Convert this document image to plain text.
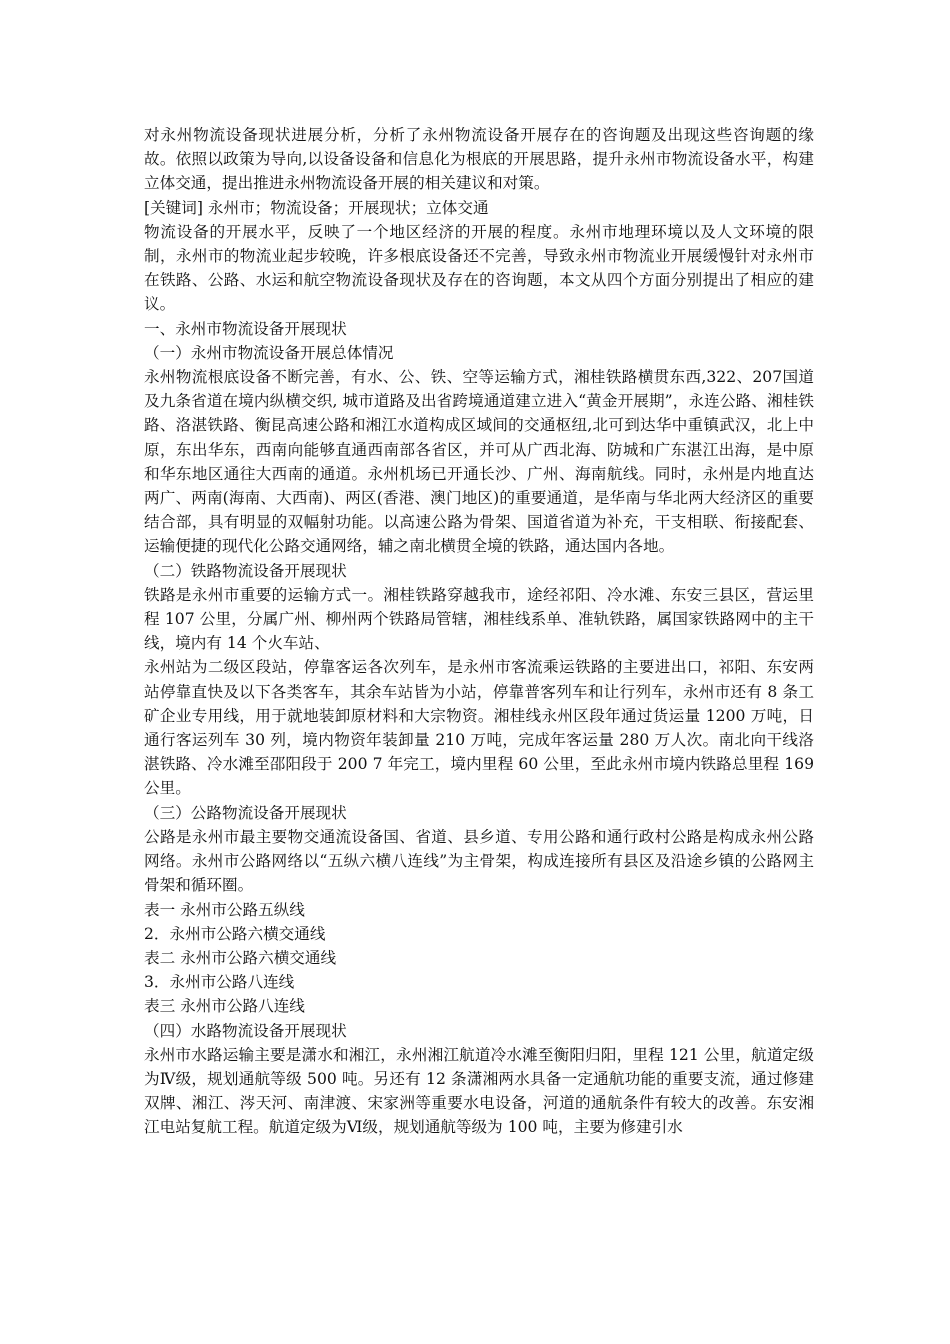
对永州物流设备现状进展分析，分析了永州物流设备开展存在的咨询题及出现这些咨询题的缘故。依照以政策为导向,以设备设备和信息化为根底的开展思路，提升永州市物流设备水平，构建立体交通，提出推进永州物流设备开展的相关建议和对策。

[关键词] 永州市；物流设备；开展现状；立体交通

物流设备的开展水平，反映了一个地区经济的开展的程度。永州市地理环境以及人文环境的限制，永州市的物流业起步较晚，许多根底设备还不完善，导致永州市物流业开展缓慢针对永州市在铁路、公路、水运和航空物流设备现状及存在的咨询题，本文从四个方面分别提出了相应的建议。

一、永州市物流设备开展现状

（一）永州市物流设备开展总体情况

永州物流根底设备不断完善，有水、公、铁、空等运输方式，湘桂铁路横贯东西,322、207国道及九条省道在境内纵横交织, 城市道路及出省跨境通道建立进入“黄金开展期”，永连公路、湘桂铁路、洛湛铁路、衡昆高速公路和湘江水道构成区域间的交通枢纽,北可到达华中重镇武汉，北上中原，东出华东，西南向能够直通西南部各省区，并可从广西北海、防城和广东湛江出海，是中原和华东地区通往大西南的通道。永州机场已开通长沙、广州、海南航线。同时，永州是内地直达两广、两南(海南、大西南)、两区(香港、澳门地区)的重要通道，是华南与华北两大经济区的重要结合部，具有明显的双幅射功能。以高速公路为骨架、国道省道为补充，干支相联、衔接配套、运输便捷的现代化公路交通网络，辅之南北横贯全境的铁路，通达国内各地。

（二）铁路物流设备开展现状

铁路是永州市重要的运输方式一。湘桂铁路穿越我市，途经祁阳、冷水滩、东安三县区，营运里程 107 公里，分属广州、柳州两个铁路局管辖，湘桂线系单、准轨铁路，属国家铁路网中的主干线，境内有 14 个火车站、

永州站为二级区段站，停靠客运各次列车，是永州市客流乘运铁路的主要进出口，祁阳、东安两站停靠直快及以下各类客车，其余车站皆为小站，停靠普客列车和让行列车，永州市还有 8 条工矿企业专用线，用于就地装卸原材料和大宗物资。湘桂线永州区段年通过货运量 1200 万吨，日通行客运列车 30 列，境内物资年装卸量 210 万吨，完成年客运量 280 万人次。南北向干线洛湛铁路、冷水滩至邵阳段于 200 7 年完工，境内里程 60 公里，至此永州市境内铁路总里程 169 公里。

（三）公路物流设备开展现状

公路是永州市最主要物交通流设备国、省道、县乡道、专用公路和通行政村公路是构成永州公路网络。永州市公路网络以“五纵六横八连线”为主骨架，构成连接所有县区及沿途乡镇的公路网主骨架和循环圈。

表一 永州市公路五纵线

2．永州市公路六横交通线

表二 永州市公路六横交通线

3．永州市公路八连线

表三 永州市公路八连线

（四）水路物流设备开展现状

永州市水路运输主要是潇水和湘江，永州湘江航道冷水滩至衡阳归阳，里程 121 公里，航道定级为Ⅳ级，规划通航等级 500 吨。另还有 12 条潇湘两水具备一定通航功能的重要支流，通过修建双牌、湘江、涔天河、南津渡、宋家洲等重要水电设备，河道的通航条件有较大的改善。东安湘江电站复航工程。航道定级为Ⅵ级，规划通航等级为 100 吨，主要为修建引水
